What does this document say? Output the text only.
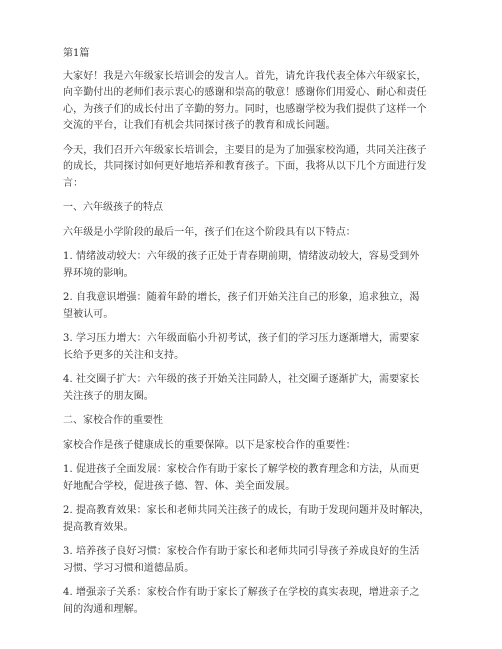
第1篇

大家好！我是六年级家长培训会的发言人。首先，请允许我代表全体六年级家长，
向辛勤付出的老师们表示衷心的感谢和崇高的敬意！感谢你们用爱心、耐心和责任
心，为孩子们的成长付出了辛勤的努力。同时，也感谢学校为我们提供了这样一个
交流的平台，让我们有机会共同探讨孩子的教育和成长问题。

今天，我们召开六年级家长培训会，主要目的是为了加强家校沟通，共同关注孩子
的成长，共同探讨如何更好地培养和教育孩子。下面，我将从以下几个方面进行发
言：

一、六年级孩子的特点

六年级是小学阶段的最后一年，孩子们在这个阶段具有以下特点：

1. 情绪波动较大：六年级的孩子正处于青春期前期，情绪波动较大，容易受到外
界环境的影响。

2. 自我意识增强：随着年龄的增长，孩子们开始关注自己的形象，追求独立，渴
望被认可。

3. 学习压力增大：六年级面临小升初考试，孩子们的学习压力逐渐增大，需要家
长给予更多的关注和支持。

4. 社交圈子扩大：六年级的孩子开始关注同龄人，社交圈子逐渐扩大，需要家长
关注孩子的朋友圈。

二、家校合作的重要性

家校合作是孩子健康成长的重要保障。以下是家校合作的重要性：

1. 促进孩子全面发展：家校合作有助于家长了解学校的教育理念和方法，从而更
好地配合学校，促进孩子德、智、体、美全面发展。

2. 提高教育效果：家长和老师共同关注孩子的成长，有助于发现问题并及时解决，
提高教育效果。

3. 培养孩子良好习惯：家校合作有助于家长和老师共同引导孩子养成良好的生活
习惯、学习习惯和道德品质。

4. 增强亲子关系：家校合作有助于家长了解孩子在学校的真实表现，增进亲子之
间的沟通和理解。
